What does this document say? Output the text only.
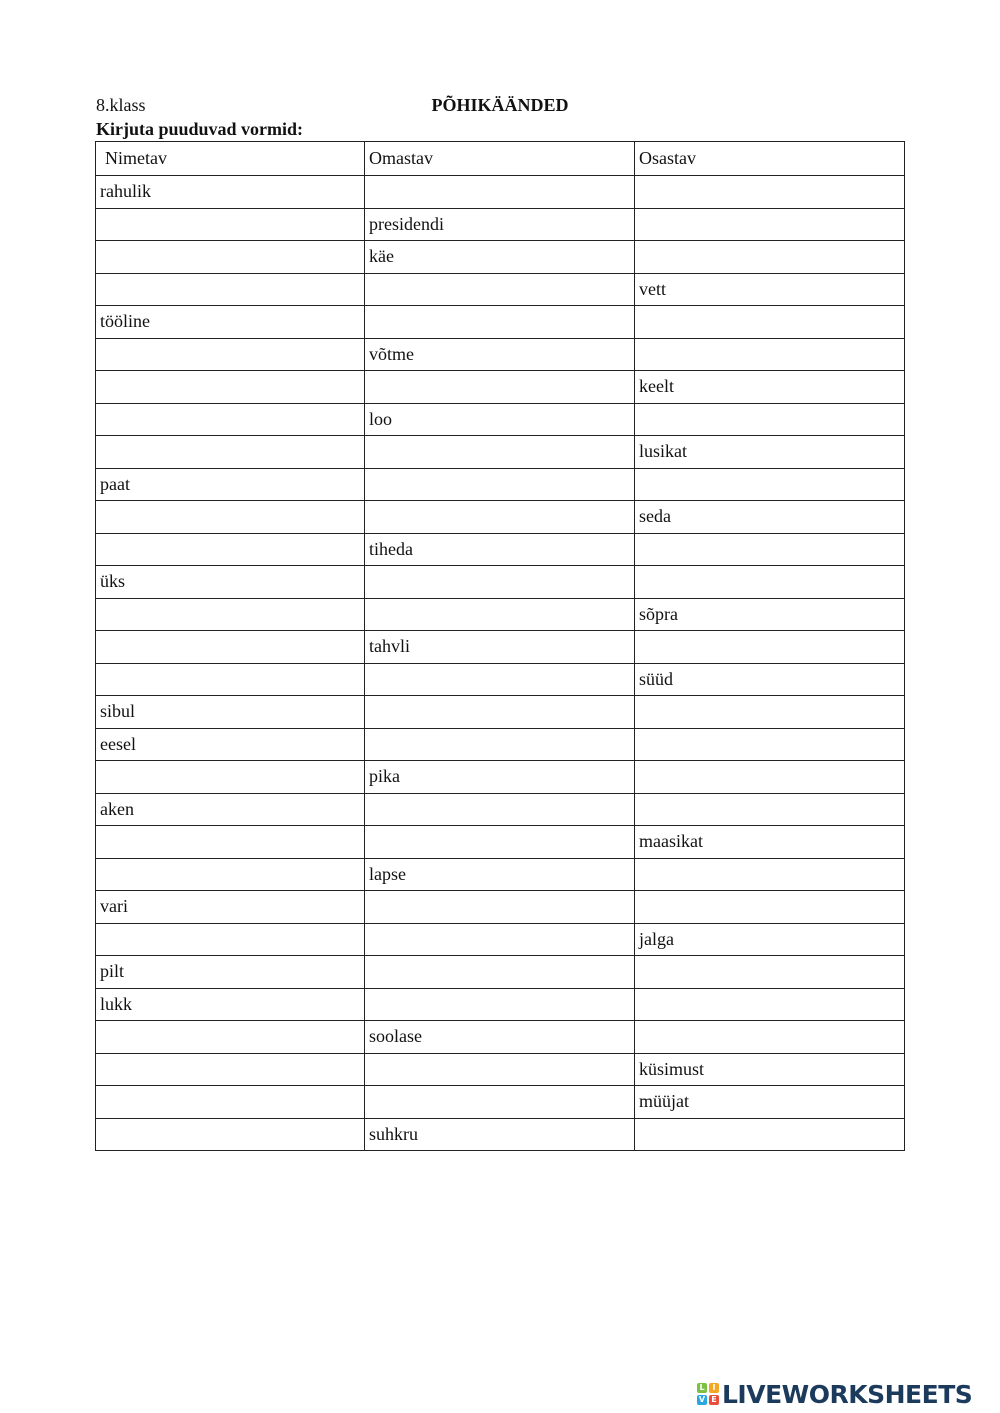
8.klass	PÕHIKÄÄNDED
Kirjuta puuduvad vormid:
Nimetav	Omastav	Osastav
rahulik		
	presidendi	
	käe	
		vett
tööline		
	võtme	
		keelt
	loo	
		lusikat
paat		
		seda
	tiheda	
üks		
		sõpra
	tahvli	
		süüd
sibul		
eesel		
	pika	
aken		
		maasikat
	lapse	
vari		
		jalga
pilt		
lukk		
	soolase	
		küsimust
		müüjat
	suhkru	
L I
V E LIVEWORKSHEETS
